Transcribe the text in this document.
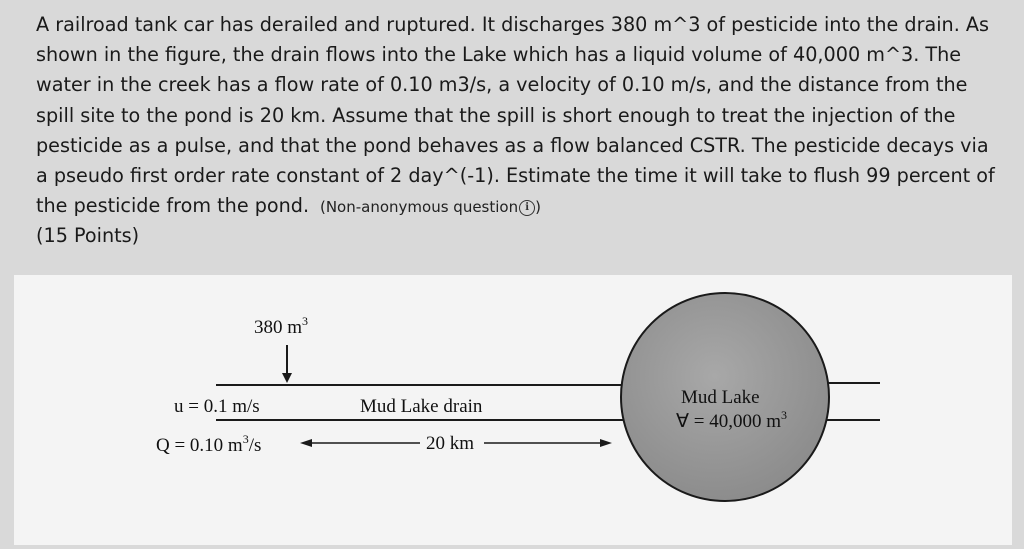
A railroad tank car has derailed and ruptured. It discharges 380 m^3 of pesticide into the drain. As shown in the figure, the drain flows into the Lake which has a liquid volume of 40,000 m^3. The water in the creek has a flow rate of 0.10 m3/s, a velocity of 0.10 m/s, and the distance from the spill site to the pond is 20 km. Assume that the spill is short enough to treat the injection of the pesticide as a pulse, and that the pond behaves as a flow balanced CSTR. The pesticide decays via a pseudo first order rate constant of 2 day^(-1). Estimate the time it will take to flush 99 percent of the pesticide from the pond. (Non-anonymous question i )
(15 Points)
380 $m^3$
Mud Lake drain
u = 0.1 m/s
Q = 0.10 $m^3/s$	20 km
Mud Lake
∀ = 40,000 $m^3$
